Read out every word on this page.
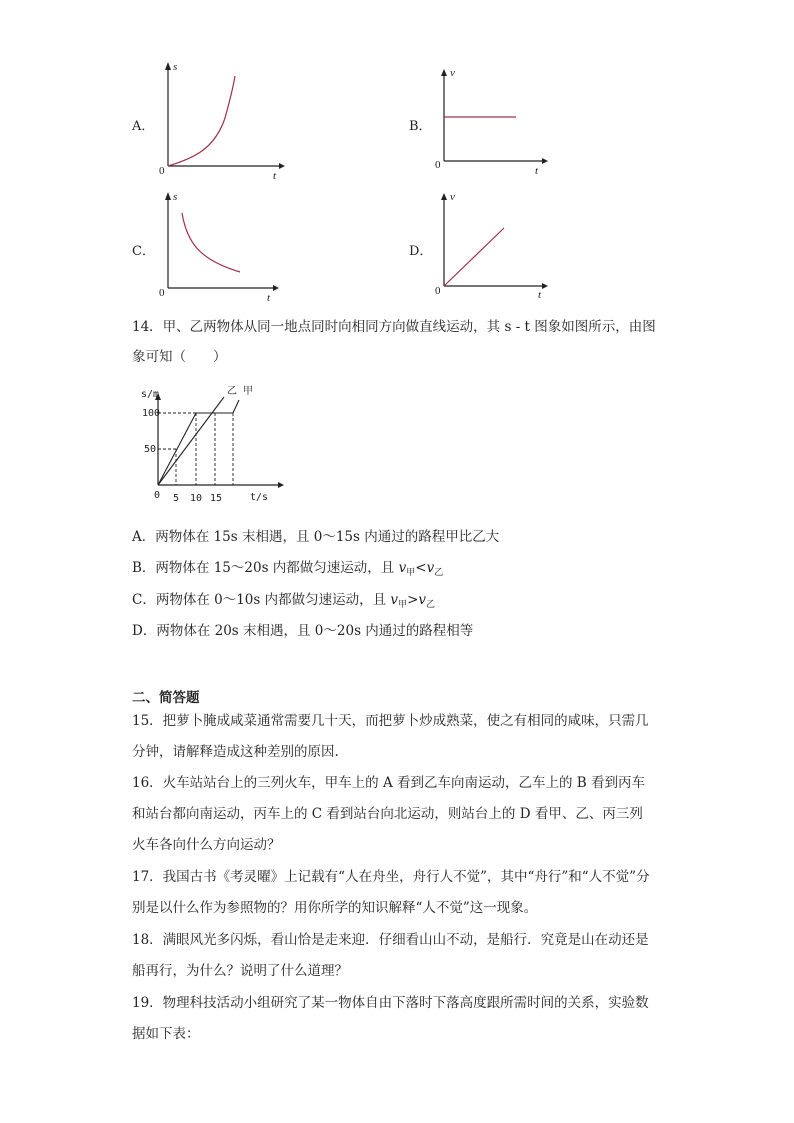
A．
s
t
0
B．
v
t
0
C．
s
t
0
D．
v
t
0
14．甲、乙两物体从同一地点同时向相同方向做直线运动，其 s - t 图象如图所示，由图
象可知（　　）
s/m
100
50
0 5 10 15	t/s
乙 甲
A．两物体在 15s 末相遇，且 0～15s 内通过的路程甲比乙大
B．两物体在 15～20s 内都做匀速运动，且 $v_甲<v_乙$
C．两物体在 0～10s 内都做匀速运动，且 $v_甲>v_乙$
D．两物体在 20s 末相遇，且 0～20s 内通过的路程相等
二、简答题
15．把萝卜腌成咸菜通常需要几十天，而把萝卜炒成熟菜，使之有相同的咸味，只需几
分钟，请解释造成这种差别的原因.
16．火车站站台上的三列火车，甲车上的 A 看到乙车向南运动，乙车上的 B 看到丙车
和站台都向南运动，丙车上的 C 看到站台向北运动，则站台上的 D 看甲、乙、丙三列
火车各向什么方向运动？
17．我国古书《考灵曜》上记载有“人在舟坐，舟行人不觉”，其中“舟行”和“人不觉”分
别是以什么作为参照物的？用你所学的知识解释“人不觉”这一现象。
18．满眼风光多闪烁，看山恰是走来迎．仔细看山山不动，是船行．究竟是山在动还是
船再行，为什么？说明了什么道理？
19．物理科技活动小组研究了某一物体自由下落时下落高度跟所需时间的关系，实验数
据如下表：
